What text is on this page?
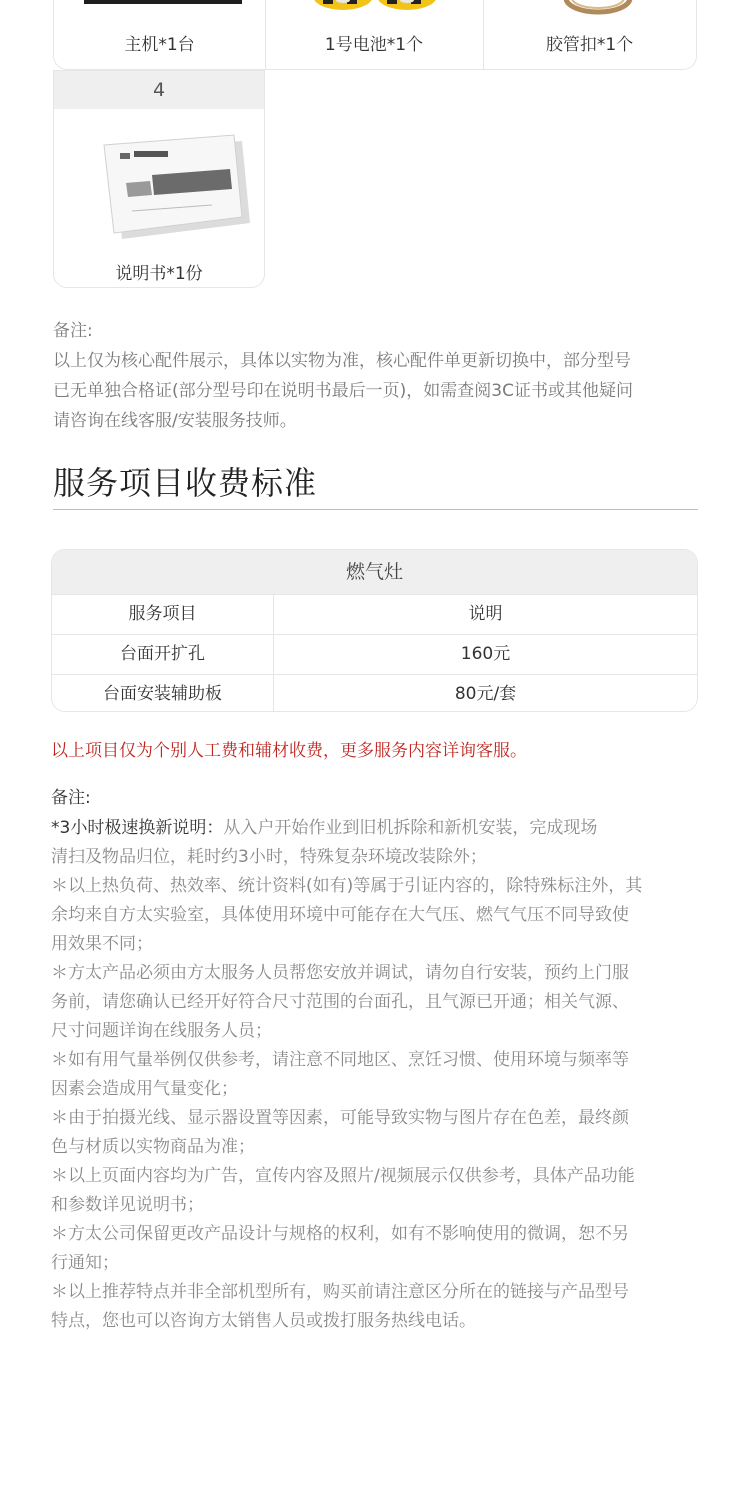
主机*1台	1号电池*1个	胶管扣*1个
4
说明书*1份

备注:

以上仅为核心配件展示，具体以实物为准，核心配件单更新切换中，部分型号

已无单独合格证(部分型号印在说明书最后一页)，如需查阅3C证书或其他疑问

请咨询在线客服/安装服务技师。

服务项目收费标准
燃气灶
服务项目	说明
台面开扩孔	160元
台面安装辅助板	80元/套
以上项目仅为个别人工费和辅材收费，更多服务内容详询客服。
备注:
*3小时极速换新说明：从入户开始作业到旧机拆除和新机安装，完成现场
清扫及物品归位，耗时约3小时，特殊复杂环境改装除外；
＊以上热负荷、热效率、统计资料(如有)等属于引证内容的，除特殊标注外，其
余均来自方太实验室，具体使用环境中可能存在大气压、燃气气压不同导致使
用效果不同；
＊方太产品必须由方太服务人员帮您安放并调试，请勿自行安装，预约上门服
务前，请您确认已经开好符合尺寸范围的台面孔，且气源已开通；相关气源、
尺寸问题详询在线服务人员；
＊如有用气量举例仅供参考，请注意不同地区、烹饪习惯、使用环境与频率等
因素会造成用气量变化；
＊由于拍摄光线、显示器设置等因素，可能导致实物与图片存在色差，最终颜
色与材质以实物商品为准；
＊以上页面内容均为广告，宣传内容及照片/视频展示仅供参考，具体产品功能
和参数详见说明书；
＊方太公司保留更改产品设计与规格的权利，如有不影响使用的微调，恕不另
行通知；
＊以上推荐特点并非全部机型所有，购买前请注意区分所在的链接与产品型号
特点，您也可以咨询方太销售人员或拨打服务热线电话。
